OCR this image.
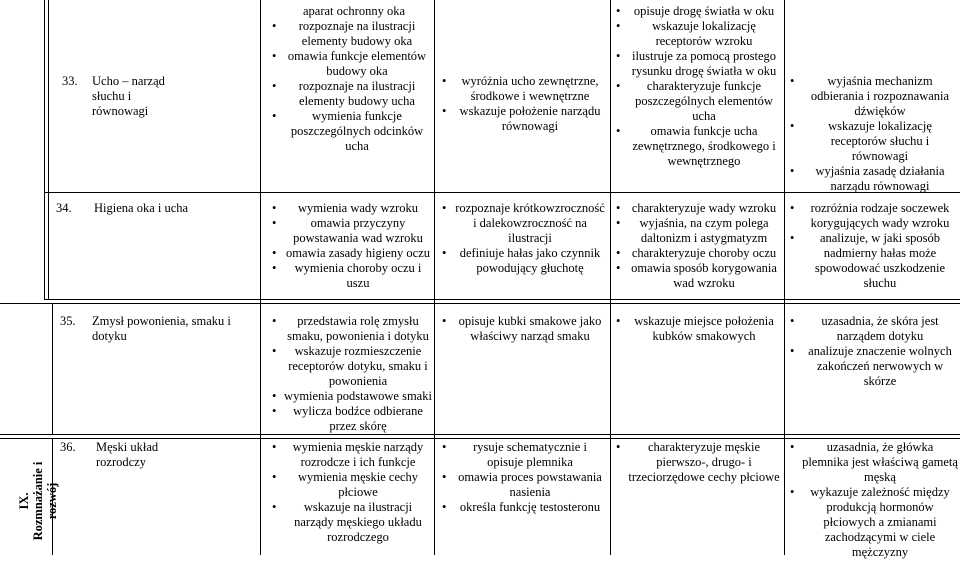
IX. Rozmnażanie i rozwój
33.	Ucho – narząd słuchu i równowagi
aparat ochronny oka
• rozpoznaje na ilustracji elementy budowy oka
• omawia funkcje elementów budowy oka
• rozpoznaje na ilustracji elementy budowy ucha
• wymienia funkcje poszczególnych odcinków ucha
• wyróżnia ucho zewnętrzne, środkowe i wewnętrzne
• wskazuje położenie narządu równowagi
• opisuje drogę światła w oku
• wskazuje lokalizację receptorów wzroku
• ilustruje za pomocą prostego rysunku drogę światła w oku
• charakteryzuje funkcje poszczególnych elementów ucha
• omawia funkcje ucha zewnętrznego, środkowego i wewnętrznego
• wyjaśnia mechanizm odbierania i rozpoznawania dźwięków
• wskazuje lokalizację receptorów słuchu i równowagi
• wyjaśnia zasadę działania narządu równowagi
34.	Higiena oka i ucha
•	wymienia wady wzroku
• omawia przyczyny powstawania wad wzroku
• omawia zasady higieny oczu
• wymienia choroby oczu i uszu
• rozpoznaje krótkowzroczność i dalekowzroczność na ilustracji
• definiuje hałas jako czynnik powodujący głuchotę
• charakteryzuje wady wzroku
• wyjaśnia, na czym polega daltonizm i astygmatyzm
• charakteryzuje choroby oczu
• omawia sposób korygowania wad wzroku
• rozróżnia rodzaje soczewek korygujących wady wzroku
• analizuje, w jaki sposób nadmierny hałas może spowodować uszkodzenie słuchu
35.	Zmysł powonienia, smaku i dotyku
• przedstawia rolę zmysłu smaku, powonienia i dotyku
• wskazuje rozmieszczenie receptorów dotyku, smaku i powonienia
• wymienia podstawowe smaki
• wylicza bodźce odbierane przez skórę
• opisuje kubki smakowe jako właściwy narząd smaku
• wskazuje miejsce położenia kubków smakowych
• uzasadnia, że skóra jest narządem dotyku
• analizuje znaczenie wolnych zakończeń nerwowych w skórze
36.	Męski układ rozrodczy
• wymienia męskie narządy rozrodcze i ich funkcje
• wymienia męskie cechy płciowe
• wskazuje na ilustracji narządy męskiego układu rozrodczego
• rysuje schematycznie i opisuje plemnika
• omawia proces powstawania nasienia
• określa funkcję testosteronu
• charakteryzuje męskie pierwszo-, drugo- i trzeciorzędowe cechy płciowe
• uzasadnia, że główka plemnika jest właściwą gametą męską
• wykazuje zależność między produkcją hormonów płciowych a zmianami zachodzącymi w ciele mężczyzny
